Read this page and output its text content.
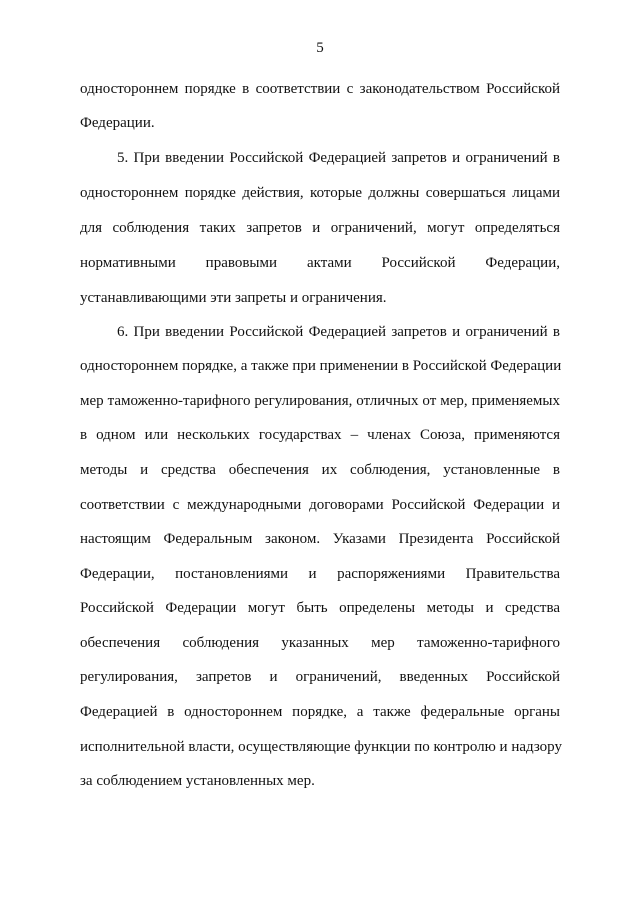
5
одностороннем порядке в соответствии с законодательством Российской
Федерации.
5. При введении Российской Федерацией запретов и ограничений в
одностороннем порядке действия, которые должны совершаться лицами
для соблюдения таких запретов и ограничений, могут определяться
нормативными правовыми актами Российской Федерации,
устанавливающими эти запреты и ограничения.
6. При введении Российской Федерацией запретов и ограничений в
одностороннем порядке, а также при применении в Российской Федерации
мер таможенно-тарифного регулирования, отличных от мер, применяемых
в одном или нескольких государствах – членах Союза, применяются
методы и средства обеспечения их соблюдения, установленные в
соответствии с международными договорами Российской Федерации и
настоящим Федеральным законом. Указами Президента Российской
Федерации, постановлениями и распоряжениями Правительства
Российской Федерации могут быть определены методы и средства
обеспечения соблюдения указанных мер таможенно-тарифного
регулирования, запретов и ограничений, введенных Российской
Федерацией в одностороннем порядке, а также федеральные органы
исполнительной власти, осуществляющие функции по контролю и надзору
за соблюдением установленных мер.
